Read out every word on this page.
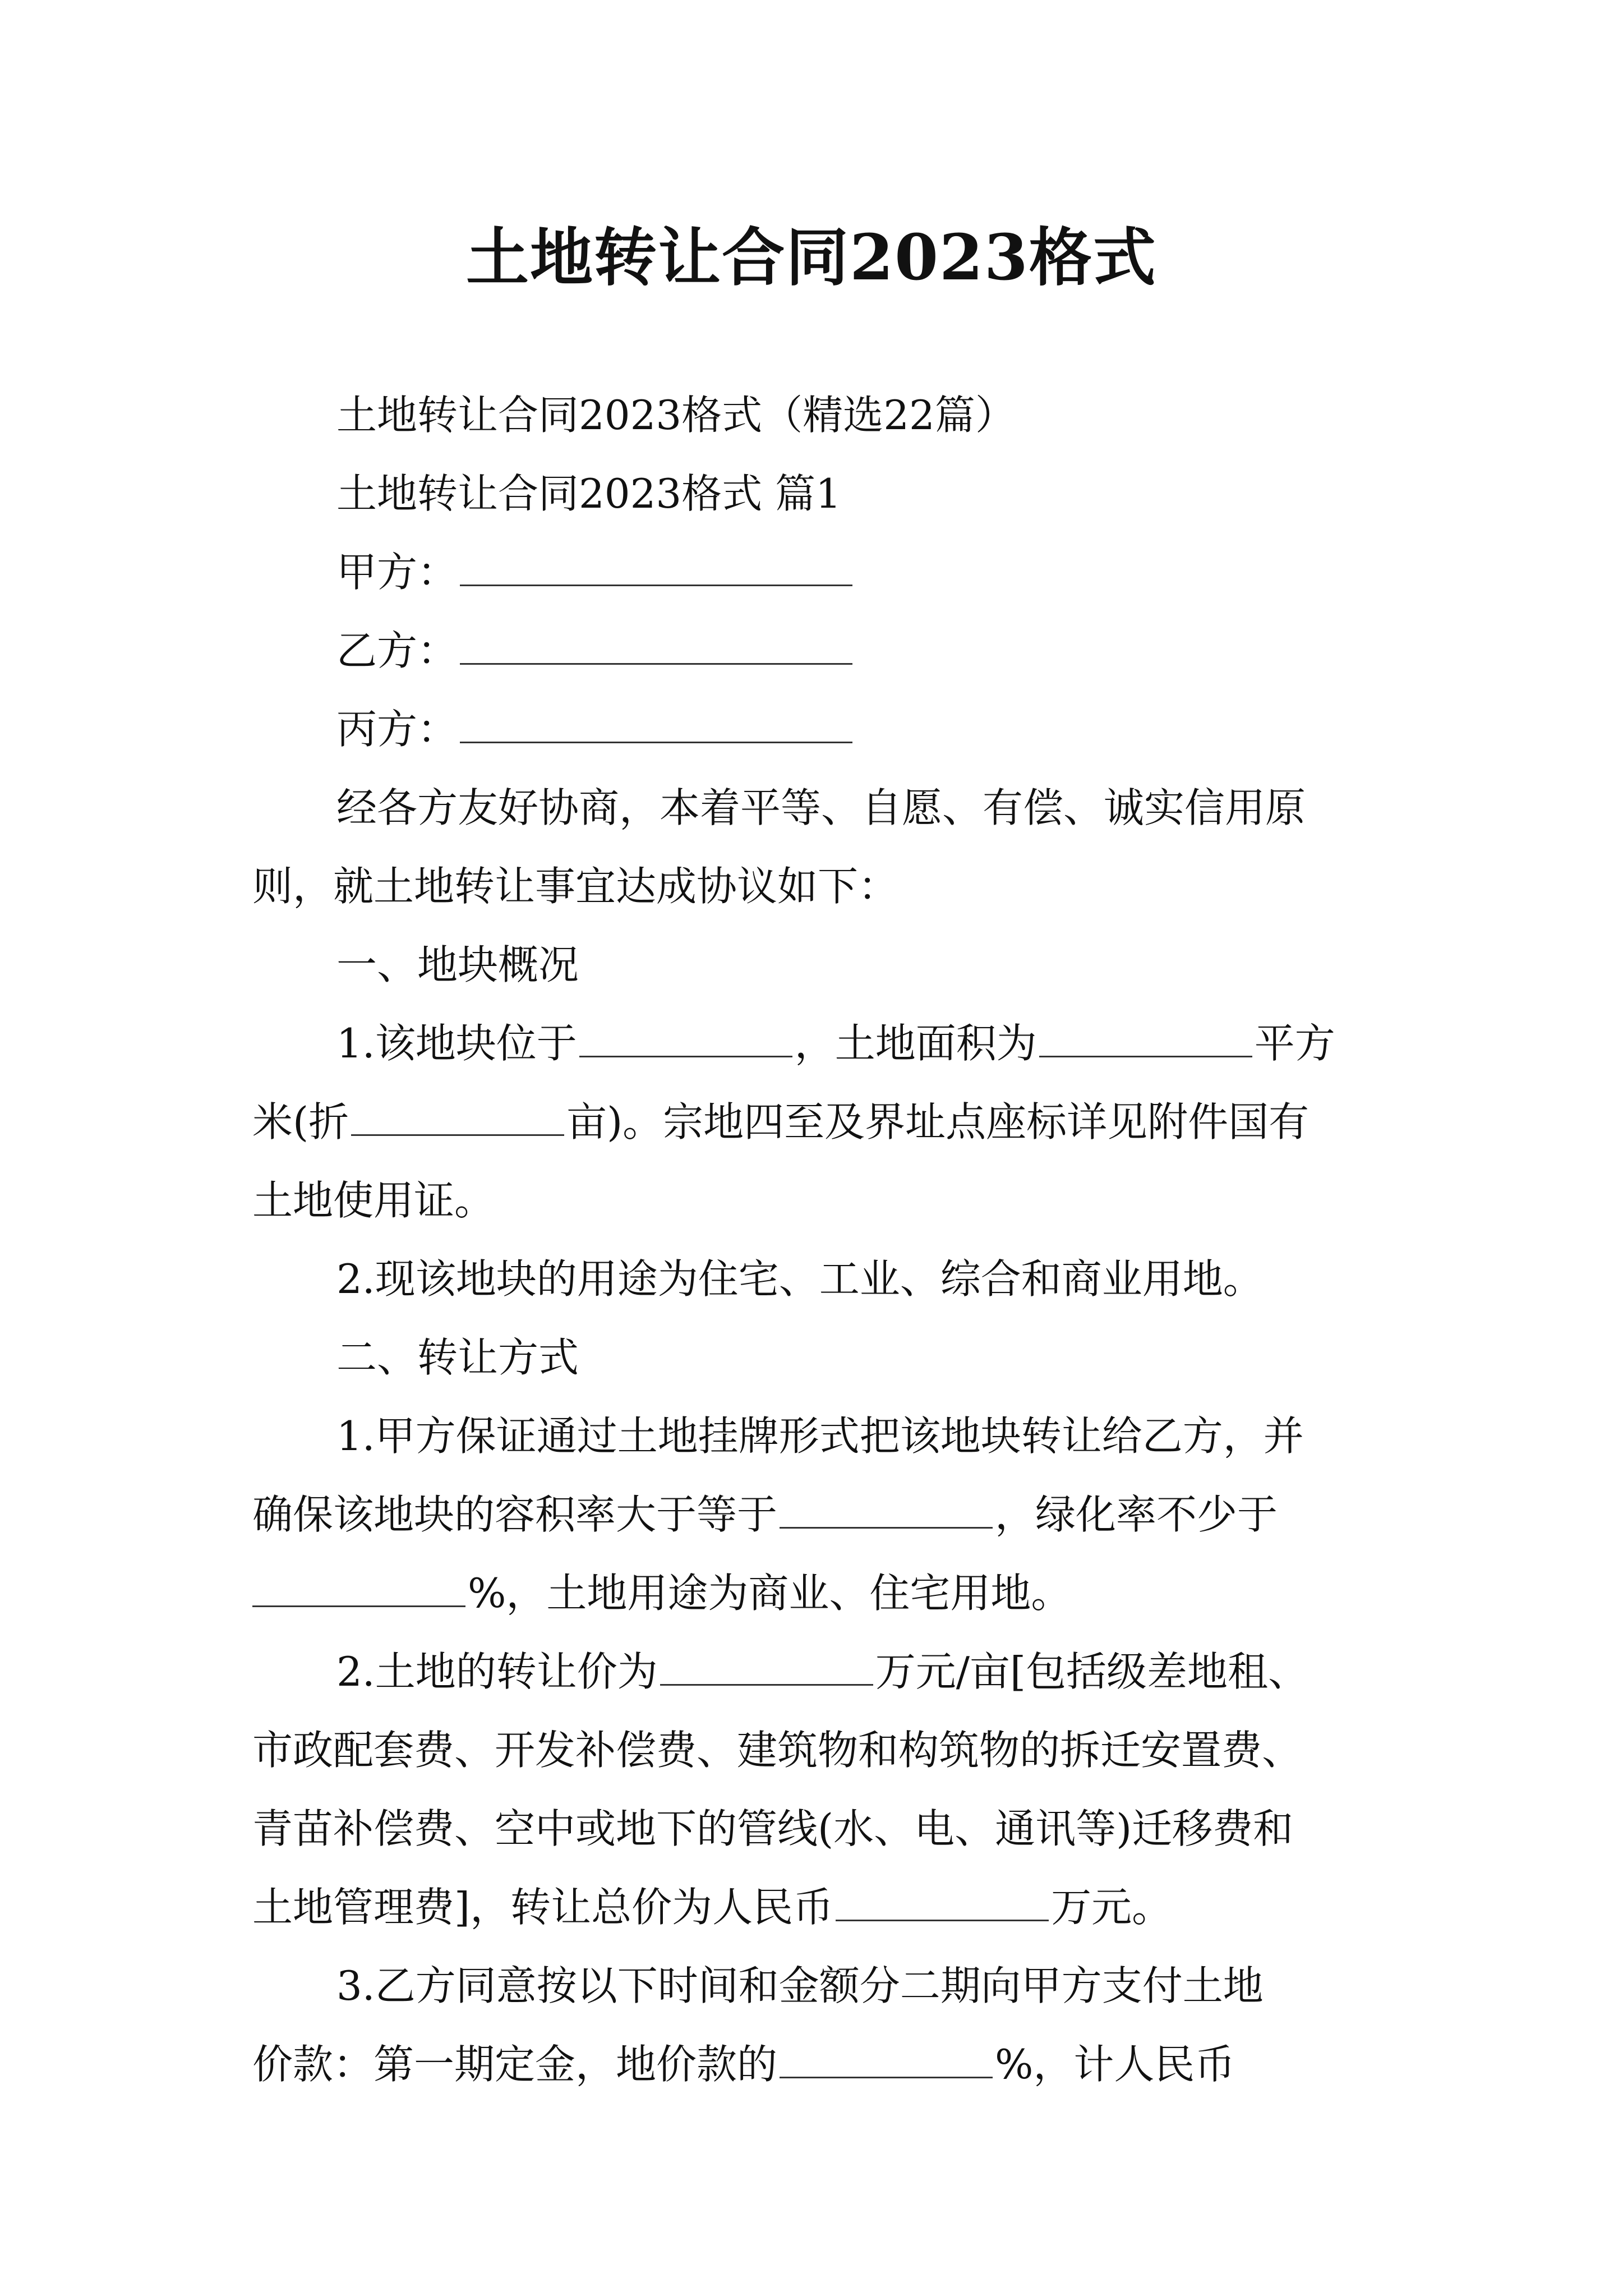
土地转让合同2023格式
土地转让合同2023格式（精选22篇）
土地转让合同2023格式 篇1
甲方：
乙方：
丙方：
经各方友好协商，本着平等、自愿、有偿、诚实信用原
则，就土地转让事宜达成协议如下：
一、地块概况
1.该地块位于	，土地面积为	平方
米(折	亩)。宗地四至及界址点座标详见附件国有
土地使用证。
2.现该地块的用途为住宅、工业、综合和商业用地。
二、转让方式
1.甲方保证通过土地挂牌形式把该地块转让给乙方，并
确保该地块的容积率大于等于	，绿化率不少于
%，土地用途为商业、住宅用地。
2.土地的转让价为	万元/亩[包括级差地租、
市政配套费、开发补偿费、建筑物和构筑物的拆迁安置费、
青苗补偿费、空中或地下的管线(水、电、通讯等)迁移费和
土地管理费]，转让总价为人民币	万元。
3.乙方同意按以下时间和金额分二期向甲方支付土地
价款：第一期定金，地价款的	%，计人民币
